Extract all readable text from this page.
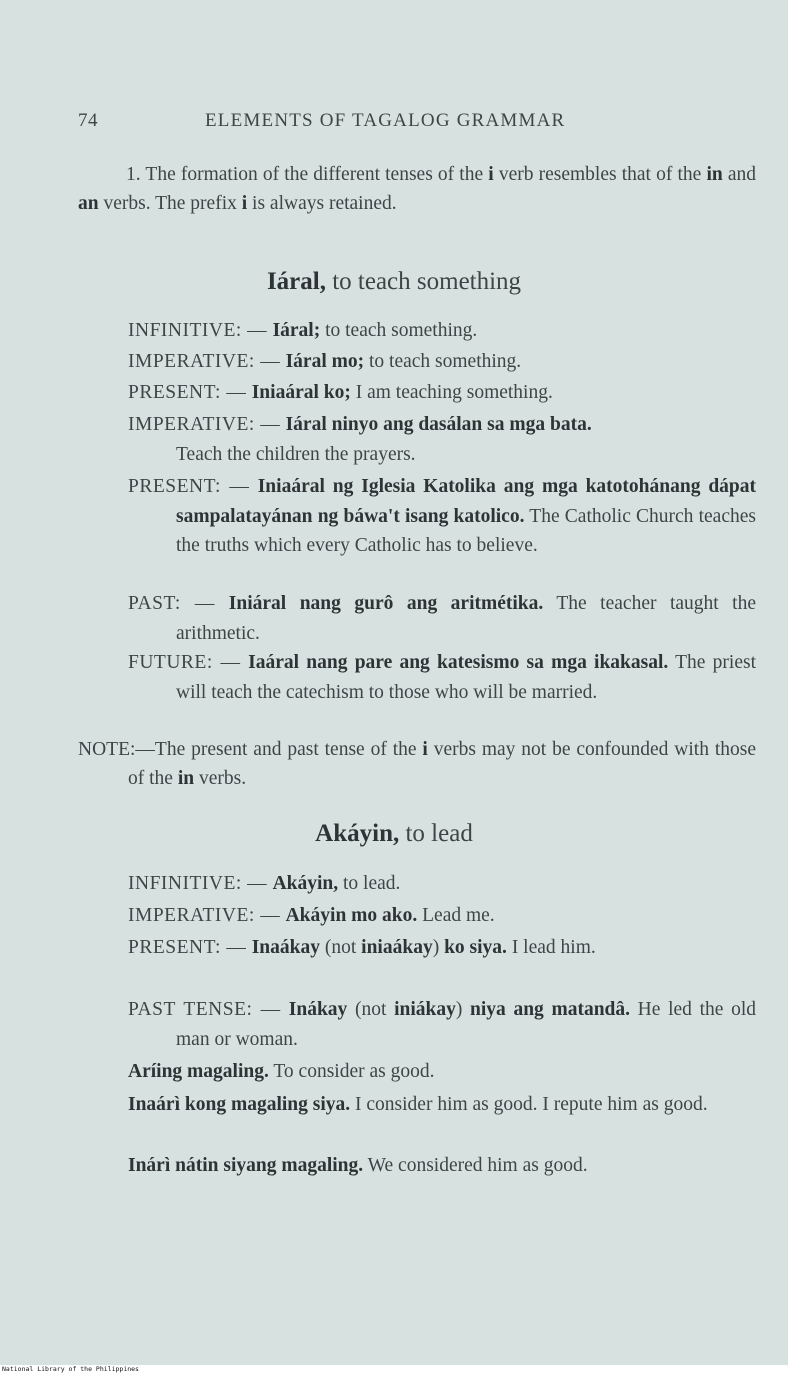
74	ELEMENTS OF TAGALOG GRAMMAR

1. The formation of the different tenses of the i verb resembles that of the in and an verbs. The prefix i is always retained.

Iáral, to teach something
INFINITIVE: — Iáral; to teach something.
IMPERATIVE: — Iáral mo; to teach something.
PRESENT: — Iniaáral ko; I am teaching something.
IMPERATIVE: — Iáral ninyo ang dasálan sa mga bata.
Teach the children the prayers.
PRESENT: — Iniaáral ng Iglesia Katolika ang mga katotohánang dápat sampalatayánan ng báwa't isang katolico. The Catholic Church teaches the truths which every Catholic has to believe.
PAST: — Iniáral nang gurô ang aritmétika. The teacher taught the arithmetic.
FUTURE: — Iaáral nang pare ang katesismo sa mga ikakasal. The priest will teach the catechism to those who will be married.

NOTE:—The present and past tense of the i verbs may not be confounded with those of the in verbs.

Akáyin, to lead
INFINITIVE: — Akáyin, to lead.
IMPERATIVE: — Akáyin mo ako. Lead me.
PRESENT: — Inaákay (not iniaákay) ko siya. I lead him.
PAST TENSE: — Inákay (not iniákay) niya ang matandâ. He led the old man or woman.
Aríing magaling. To consider as good.
Inaárì kong magaling siya. I consider him as good. I repute him as good.
Inárì nátin siyang magaling. We considered him as good.
National Library of the Philippines
